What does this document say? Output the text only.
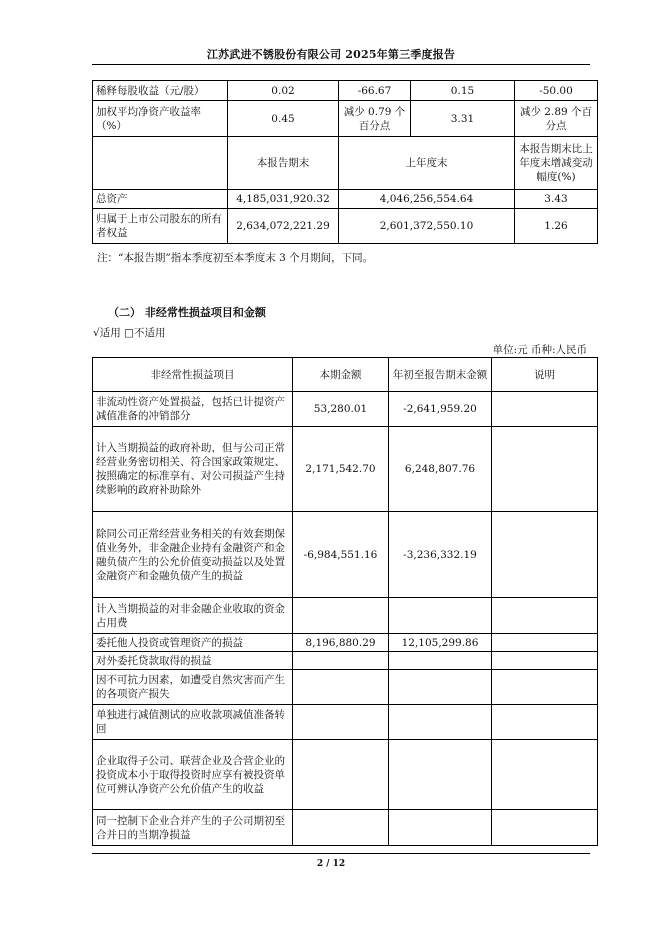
江苏武进不锈股份有限公司 2025年第三季度报告
稀释每股收益（元/股）	0.02	-66.67	0.15	-50.00
加权平均净资产收益率（%）	0.45	减少 0.79 个百分点	3.31	减少 2.89 个百分点
	本报告期末	上年度末		本报告期末比上年度末增减变动幅度(%)
总资产	4,185,031,920.32	4,046,256,554.64		3.43
归属于上市公司股东的所有者权益	2,634,072,221.29	2,601,372,550.10		1.26
注：“本报告期”指本季度初至本季度末 3 个月期间，下同。
（二） 非经常性损益项目和金额
√适用 □不适用
单位:元 币种:人民币
非经常性损益项目	本期金额	年初至报告期末金额	说明
非流动性资产处置损益，包括已计提资产减值准备的冲销部分	53,280.01	-2,641,959.20	
计入当期损益的政府补助，但与公司正常经营业务密切相关、符合国家政策规定、按照确定的标准享有、对公司损益产生持续影响的政府补助除外	2,171,542.70	6,248,807.76	
除同公司正常经营业务相关的有效套期保值业务外，非金融企业持有金融资产和金融负债产生的公允价值变动损益以及处置金融资产和金融负债产生的损益	-6,984,551.16	-3,236,332.19	
计入当期损益的对非金融企业收取的资金占用费			
委托他人投资或管理资产的损益	8,196,880.29	12,105,299.86	
对外委托贷款取得的损益			
因不可抗力因素，如遭受自然灾害而产生的各项资产损失			
单独进行减值测试的应收款项减值准备转回			
企业取得子公司、联营企业及合营企业的投资成本小于取得投资时应享有被投资单位可辨认净资产公允价值产生的收益			
同一控制下企业合并产生的子公司期初至合并日的当期净损益			
2 / 12
